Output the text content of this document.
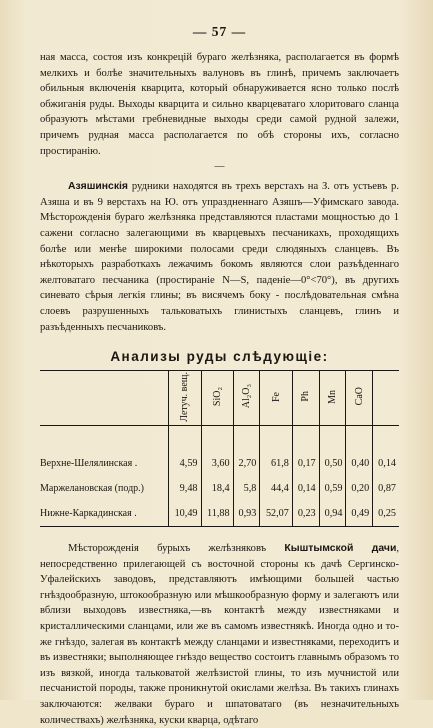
— 57 —

ная масса, состоя изъ конкрецій бураго желѣзняка, располагается въ формѣ мелкихъ и болѣе значительныхъ валуновъ въ глинѣ, причемъ заключаетъ обильныя включенія кварцита, который обнаруживается ясно только послѣ обжиганія руды. Выходы кварцита и сильно кварцеватаго хлоритоваго сланца образуютъ мѣстами гребневидные выходы среди самой рудной залежи, причемъ рудная масса располагается по обѣ стороны ихъ, согласно простиранію.

—

Азяшинскія рудники находятся въ трехъ верстахъ на З. отъ устьевъ р. Азяша и въ 9 верстахъ на Ю. отъ упраздненнаго Азяшъ—Уфимскаго завода. Мѣсторожденія бураго желѣзняка представляются пластами мощностью до 1 сажени согласно залегающими въ кварцевыхъ песчаникахъ, проходящихъ болѣе или менѣе широкими полосами среди слюдяныхъ сланцевъ. Въ нѣкоторыхъ разработкахъ лежачимъ бокомъ являются слои разъѣденнаго желтоватаго песчаника (простираніе N—S, паденіе—0°<70°), въ другихъ синевато сѣрыя легкія глины; въ висячемъ боку - послѣдовательная смѣна слоевъ разрушенныхъ тальковатыхъ глинистыхъ сланцевъ, глинъ и разъѣденныхъ песчаниковъ.

Анализы руды слѣдующіе:
	Летуч. вещ.	SiO₂	Al₂O₃	Fe	Ph	Mn	CaO	

Верхне-Шелялинская .	4,59	3,60	2,70	61,8	0,17	0,50	0,40	0,14
Маржелановская (подр.)	9,48	18,4	5,8	44,4	0,14	0,59	0,20	0,87
Нижне-Каркадинская .	10,49	11,88	0,93	52,07	0,23	0,94	0,49	0,25

Мѣсторожденія бурыхъ желѣзняковъ Кыштымской дачи, непосредственно прилегающей съ восточной стороны къ дачѣ Сергинско-Уфалейскихъ заводовъ, представляютъ имѣющими большей частью гнѣздообразную, штокообразную или мѣшкообразную форму и залегаютъ или вблизи выходовъ известняка,—въ контактѣ между известняками и кристаллическими сланцами, или же въ самомъ известнякѣ. Иногда одно и то-же гнѣздо, залегая въ контактѣ между сланцами и известняками, переходитъ и въ известняки; выполняющее гнѣздо вещество состоитъ главнымъ образомъ то изъ вязкой, иногда тальковатой желѣзистой глины, то изъ мучнистой или песчанистой породы, также проникнутой окислами желѣза. Въ такихъ глинахъ заключаются: желваки бураго и шпатоватаго (въ незначительныхъ количествахъ) желѣзняка, куски кварца, одѣтаго
